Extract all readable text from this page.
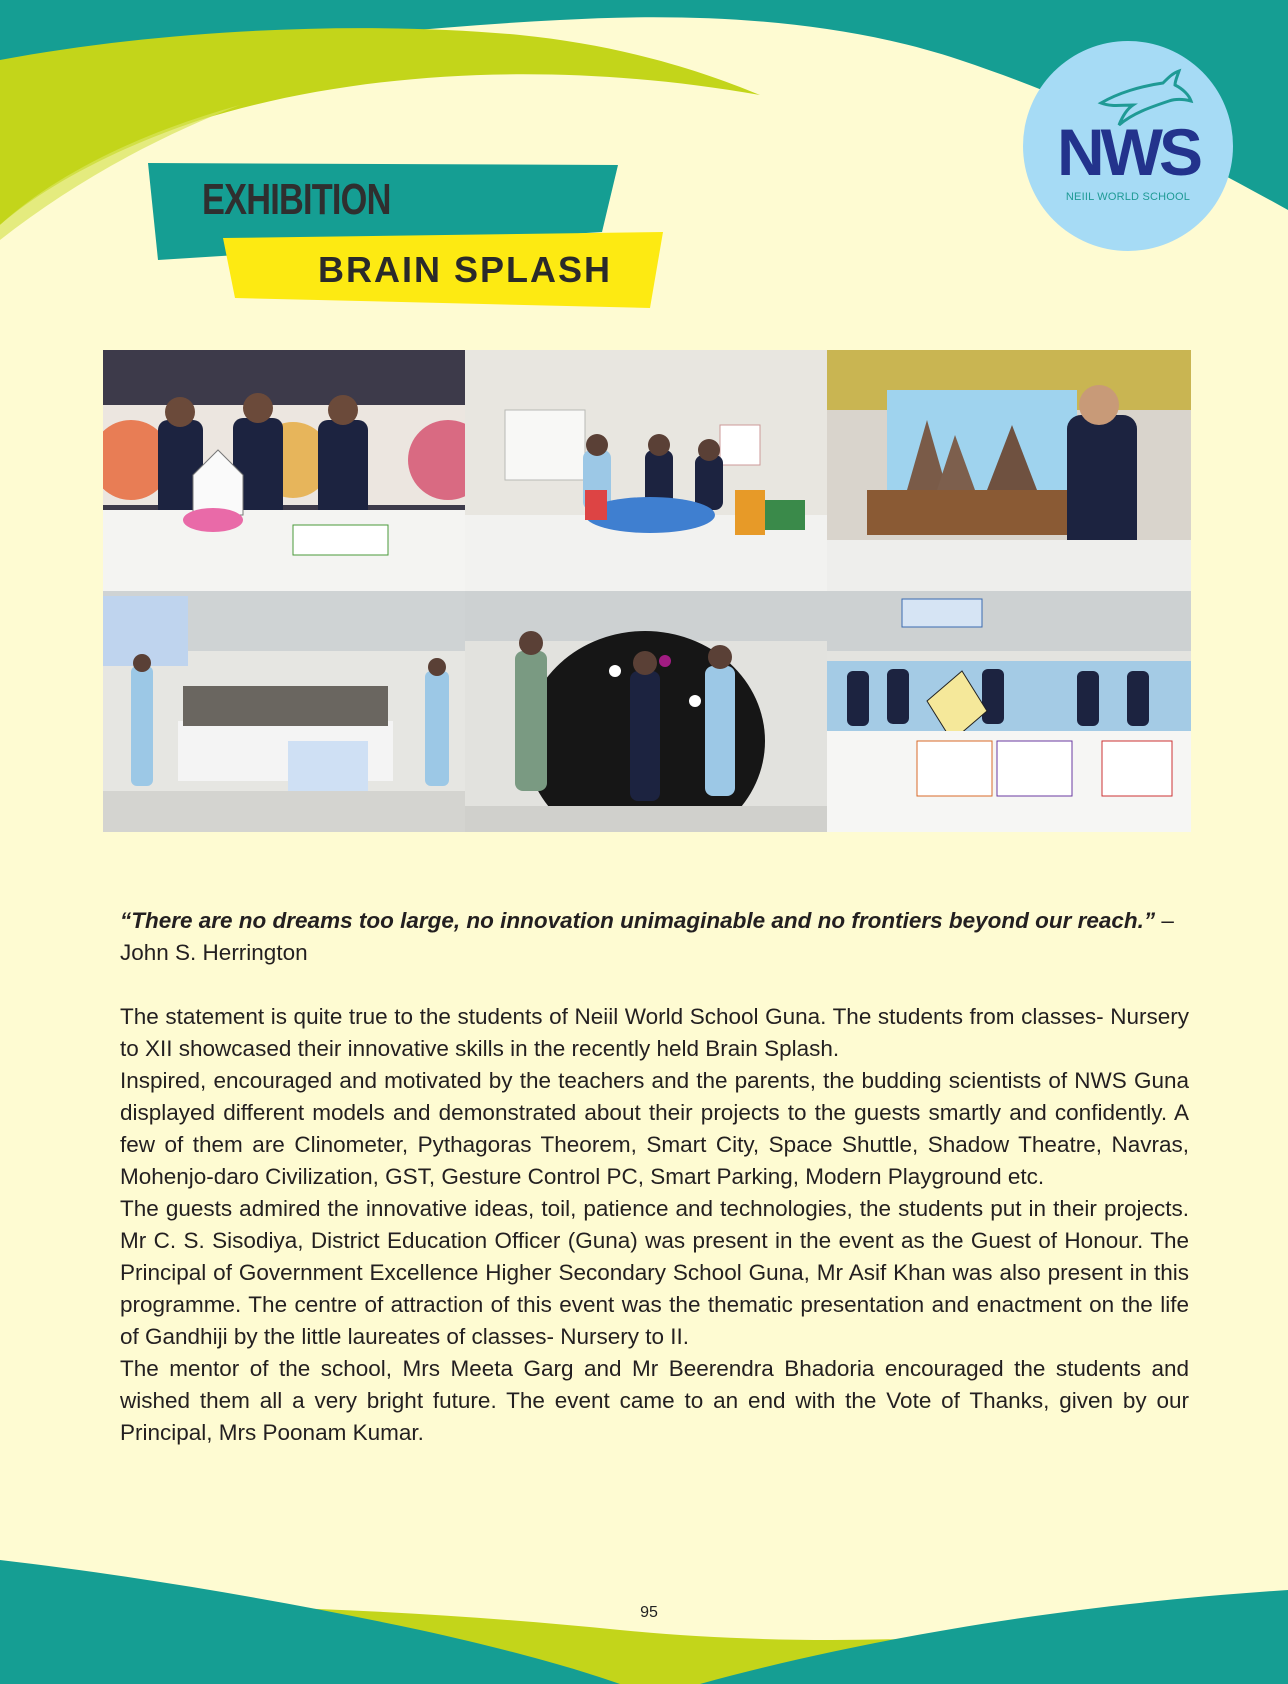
NWS
NEIIL WORLD SCHOOL
EXHIBITION
BRAIN SPLASH

“There are no dreams too large, no innovation unimaginable and no frontiers beyond our reach.” – John S. Herrington

The statement is quite true to the students of Neiil World School Guna. The students from classes- Nursery to XII showcased their innovative skills in the recently held Brain Splash.

Inspired, encouraged and motivated by the teachers and the parents, the budding scientists of NWS Guna displayed different models and demonstrated about their projects to the guests smartly and confidently. A few of them are Clinometer, Pythagoras Theorem, Smart City, Space Shuttle, Shadow Theatre, Navras, Mohenjo-daro Civilization, GST, Gesture Control PC, Smart Parking, Modern Playground etc.

The guests admired the innovative ideas, toil, patience and technologies, the students put in their projects. Mr C. S. Sisodiya, District Education Officer (Guna) was present in the event as the Guest of Honour. The Principal of Government Excellence Higher Secondary School Guna, Mr Asif Khan was also present in this programme. The centre of attraction of this event was the thematic presentation and enactment on the life of Gandhiji by the little laureates of classes- Nursery to II.

The mentor of the school, Mrs Meeta Garg and Mr Beerendra Bhadoria encouraged the students and wished them all a very bright future. The event came to an end with the Vote of Thanks, given by our Principal, Mrs Poonam Kumar.

95
